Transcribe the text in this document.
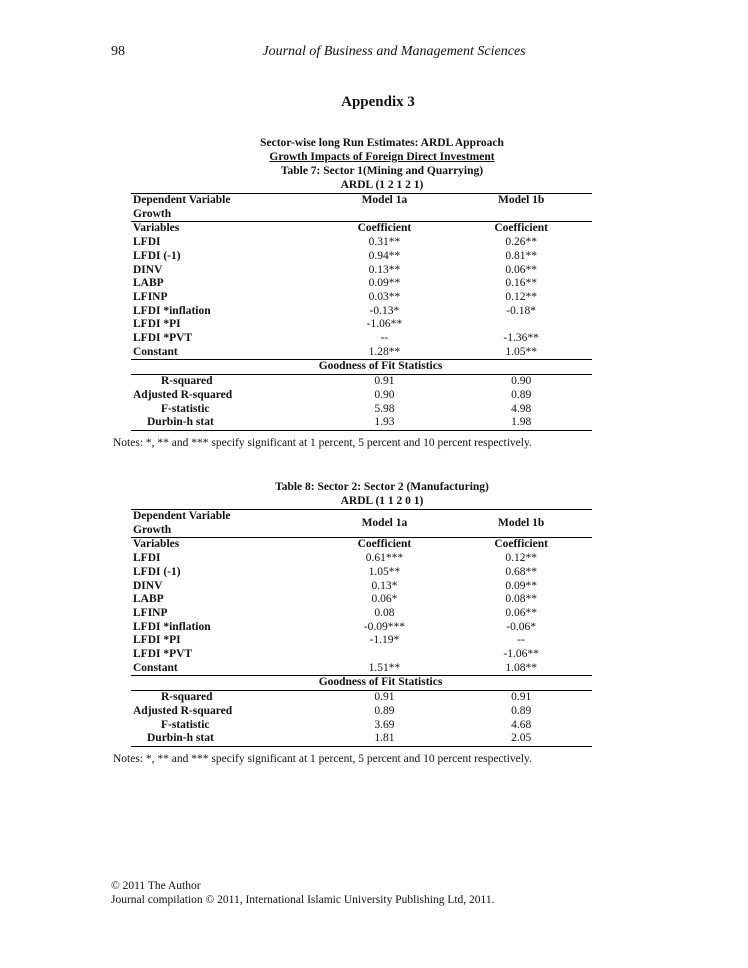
98	Journal of Business and Management Sciences
Appendix 3
Sector-wise long Run Estimates: ARDL Approach
Growth Impacts of Foreign Direct Investment
Table 7: Sector 1(Mining and Quarrying)
ARDL (1 2 1 2 1)
Dependent Variable
Growth	Model 1a	Model 1b
Variables	Coefficient	Coefficient
LFDI	0.31**	0.26**
LFDI (-1)	0.94**	0.81**
DINV	0.13**	0.06**
LABP	0.09**	0.16**
LFINP	0.03**	0.12**
LFDI *inflation	-0.13*	-0.18*
LFDI *PI	-1.06**	
LFDI *PVT	--	-1.36**
Constant	1.28**	1.05**
Goodness of Fit Statistics		
R-squared	0.91	0.90
Adjusted R-squared	0.90	0.89
F-statistic	5.98	4.98
Durbin-h stat	1.93	1.98
Notes: *, ** and *** specify significant at 1 percent, 5 percent and 10 percent respectively.
Table 8: Sector 2: Sector 2 (Manufacturing)
ARDL (1 1 2 0 1)
Dependent Variable
Growth	Model 1a	Model 1b
Variables	Coefficient	Coefficient
LFDI	0.61***	0.12**
LFDI (-1)	1.05**	0.68**
DINV	0.13*	0.09**
LABP	0.06*	0.08**
LFINP	0.08	0.06**
LFDI *inflation	-0.09***	-0.06*
LFDI *PI	-1.19*	--
LFDI *PVT		-1.06**
Constant	1.51**	1.08**
Goodness of Fit Statistics		
R-squared	0.91	0.91
Adjusted R-squared	0.89	0.89
F-statistic	3.69	4.68
Durbin-h stat	1.81	2.05
Notes: *, ** and *** specify significant at 1 percent, 5 percent and 10 percent respectively.
© 2011 The Author
Journal compilation © 2011, International Islamic University Publishing Ltd, 2011.
